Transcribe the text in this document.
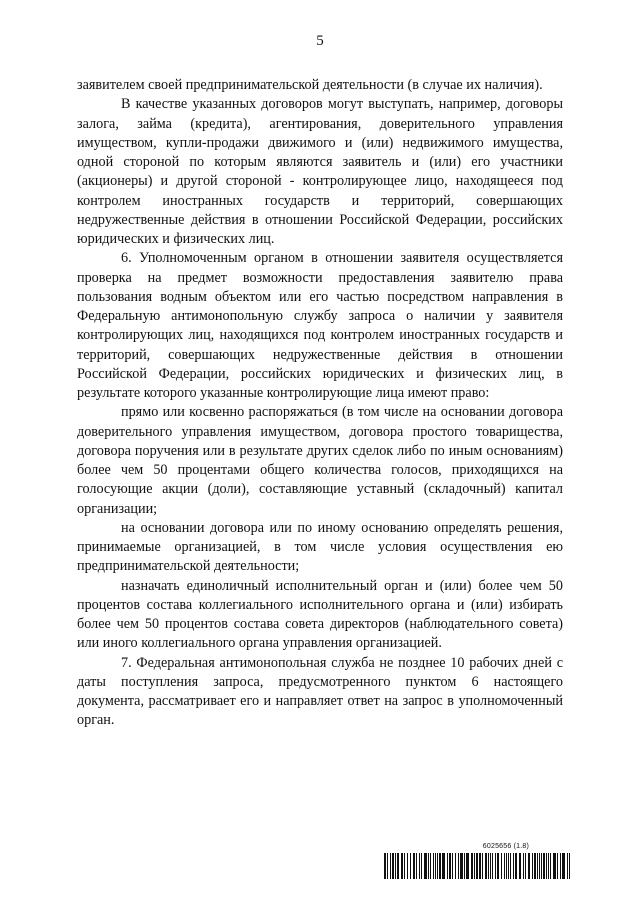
5

заявителем своей предпринимательской деятельности (в случае их наличия).

В качестве указанных договоров могут выступать, например, договоры залога, займа (кредита), агентирования, доверительного управления имуществом, купли-продажи движимого и (или) недвижимого имущества, одной стороной по которым являются заявитель и (или) его участники (акционеры) и другой стороной - контролирующее лицо, находящееся под контролем иностранных государств и территорий, совершающих недружественные действия в отношении Российской Федерации, российских юридических и физических лиц.

6. Уполномоченным органом в отношении заявителя осуществляется проверка на предмет возможности предоставления заявителю права пользования водным объектом или его частью посредством направления в Федеральную антимонопольную службу запроса о наличии у заявителя контролирующих лиц, находящихся под контролем иностранных государств и территорий, совершающих недружественные действия в отношении Российской Федерации, российских юридических и физических лиц, в результате которого указанные контролирующие лица имеют право:

прямо или косвенно распоряжаться (в том числе на основании договора доверительного управления имуществом, договора простого товарищества, договора поручения или в результате других сделок либо по иным основаниям) более чем 50 процентами общего количества голосов, приходящихся на голосующие акции (доли), составляющие уставный (складочный) капитал организации;

на основании договора или по иному основанию определять решения, принимаемые организацией, в том числе условия осуществления ею предпринимательской деятельности;

назначать единоличный исполнительный орган и (или) более чем 50 процентов состава коллегиального исполнительного органа и (или) избирать более чем 50 процентов состава совета директоров (наблюдательного совета) или иного коллегиального органа управления организацией.

7. Федеральная антимонопольная служба не позднее 10 рабочих дней с даты поступления запроса, предусмотренного пунктом 6 настоящего документа, рассматривает его и направляет ответ на запрос в уполномоченный орган.

6025656 (1.8)
